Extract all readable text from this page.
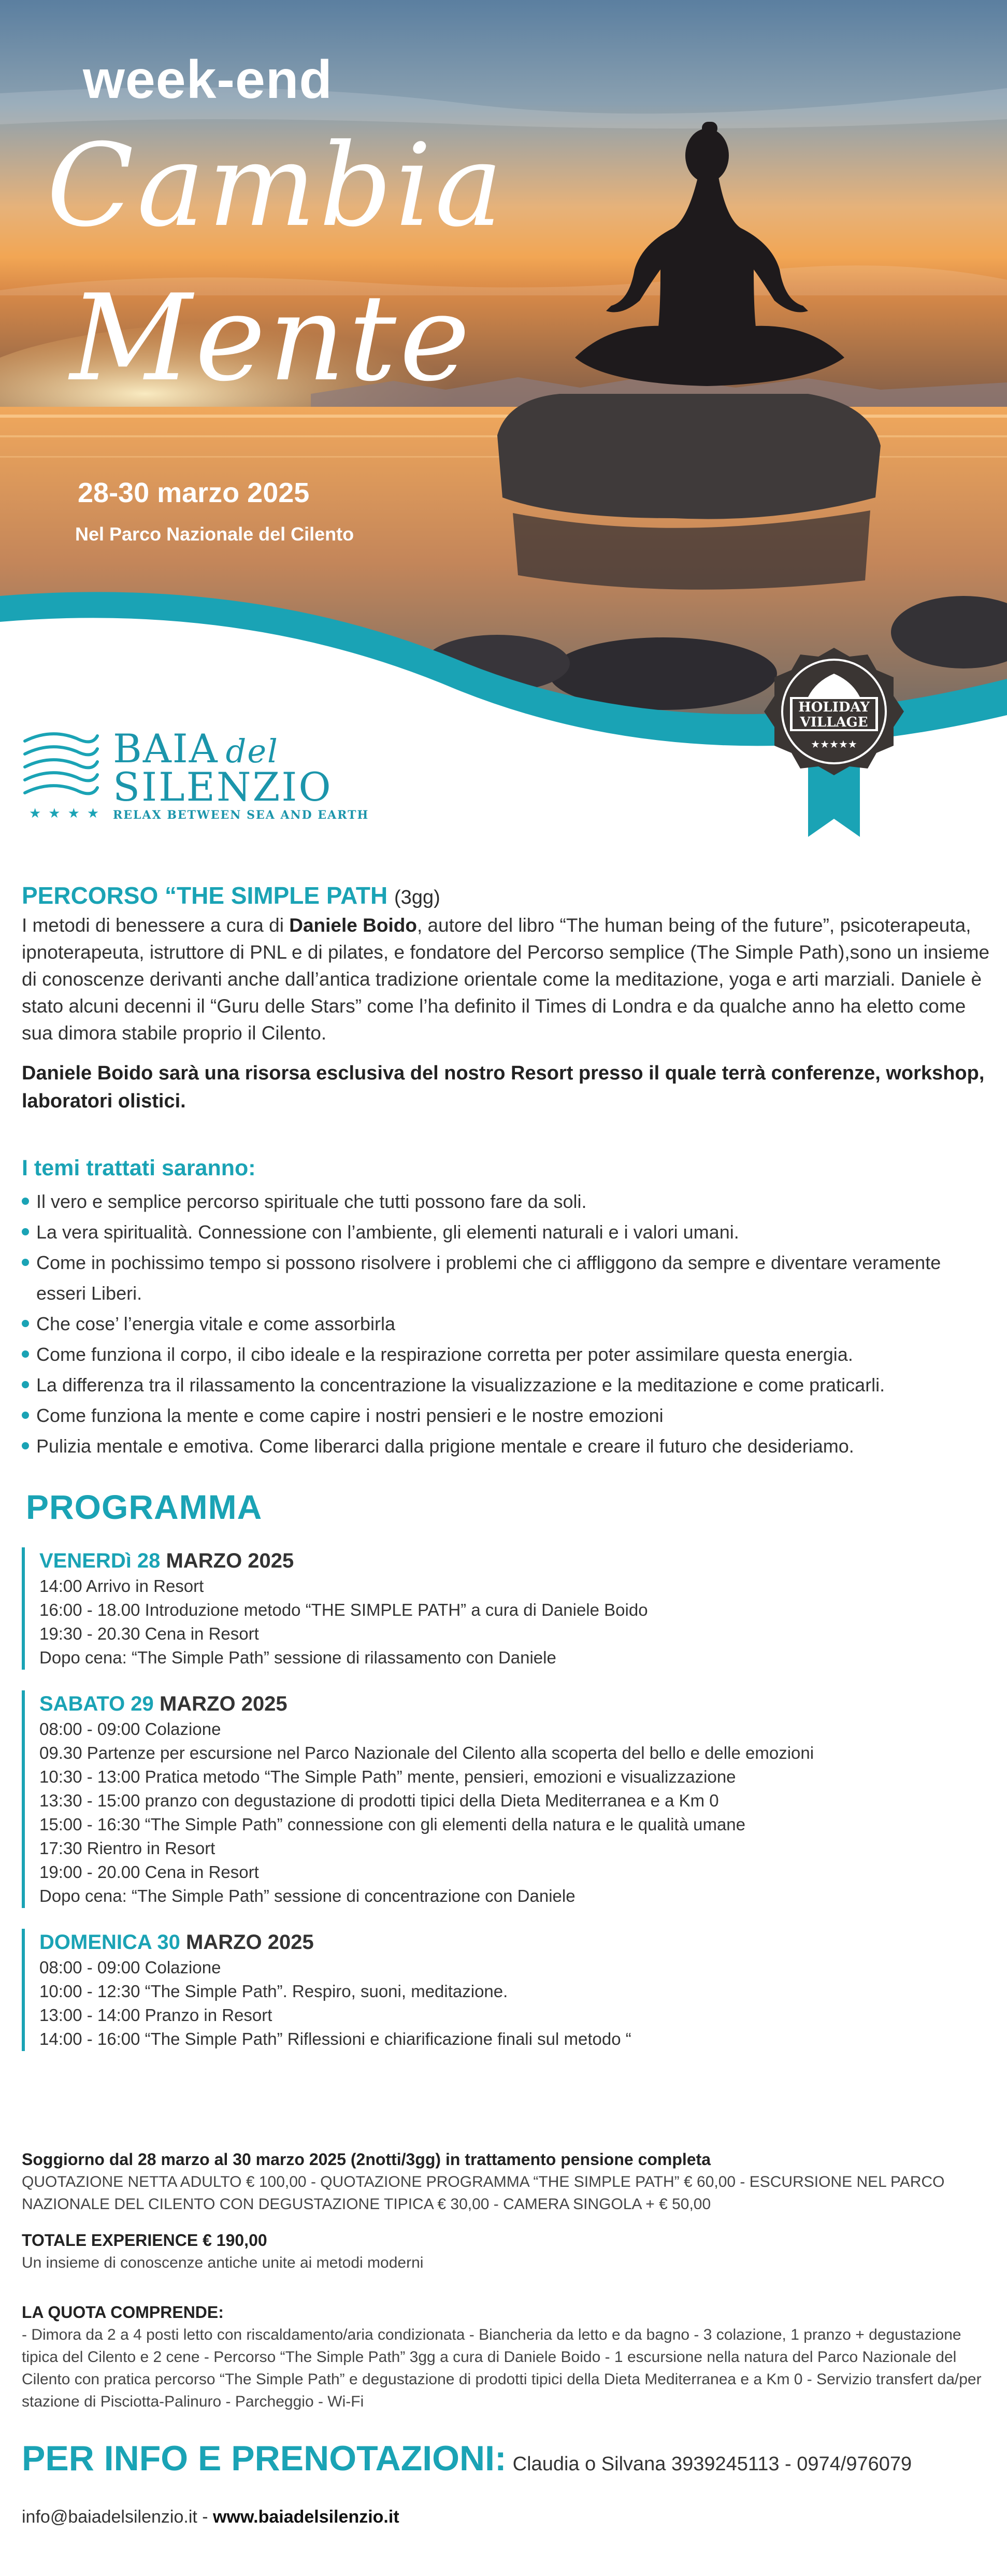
week-end
Cambia
Mente
28-30 marzo 2025
Nel Parco Nazionale del Cilento
★★★★
BAIA del
SILENZIO
RELAX BETWEEN SEA AND EARTH
HOLIDAY
VILLAGE
★★★★★
PERCORSO “THE SIMPLE PATH (3gg)

I metodi di benessere a cura di Daniele Boido, autore del libro “The human being of the future”, psicoterapeuta, ipnoterapeuta, istruttore di PNL e di pilates, e fondatore del Percorso semplice (The Simple Path),sono un insieme di conoscenze derivanti anche dall’antica tradizione orientale come la meditazione, yoga e arti marziali. Daniele è stato alcuni decenni il “Guru delle Stars” come l’ha definito il Times di Londra e da qualche anno ha eletto come sua dimora stabile proprio il Cilento.

Daniele Boido sarà una risorsa esclusiva del nostro Resort presso il quale terrà conferenze, workshop, laboratori olistici.
I temi trattati saranno:
Il vero e semplice percorso spirituale che tutti possono fare da soli.
La vera spiritualità. Connessione con l’ambiente, gli elementi naturali e i valori umani.
Come in pochissimo tempo si possono risolvere i problemi che ci affliggono da sempre e diventare veramente esseri Liberi.
Che cose’ l’energia vitale e come assorbirla
Come funziona il corpo, il cibo ideale e la respirazione corretta per poter assimilare questa energia.
La differenza tra il rilassamento la concentrazione la visualizzazione e la meditazione e come praticarli.
Come funziona la mente e come capire i nostri pensieri e le nostre emozioni
Pulizia mentale e emotiva. Come liberarci dalla prigione mentale e creare il futuro che desideriamo.
PROGRAMMA
VENERDì 28 MARZO 2025
14:00 Arrivo in Resort
16:00 - 18.00 Introduzione metodo “THE SIMPLE PATH” a cura di Daniele Boido
19:30 - 20.30 Cena in Resort
Dopo cena: “The Simple Path” sessione di rilassamento con Daniele
SABATO 29 MARZO 2025
08:00 - 09:00 Colazione
09.30 Partenze per escursione nel Parco Nazionale del Cilento alla scoperta del bello e delle emozioni
10:30 - 13:00 Pratica metodo “The Simple Path” mente, pensieri, emozioni e visualizzazione
13:30 - 15:00 pranzo con degustazione di prodotti tipici della Dieta Mediterranea e a Km 0
15:00 - 16:30 “The Simple Path” connessione con gli elementi della natura e le qualità umane
17:30 Rientro in Resort
19:00 - 20.00 Cena in Resort
Dopo cena: “The Simple Path” sessione di concentrazione con Daniele
DOMENICA 30 MARZO 2025
08:00 - 09:00 Colazione
10:00 - 12:30 “The Simple Path”. Respiro, suoni, meditazione.
13:00 - 14:00 Pranzo in Resort
14:00 - 16:00 “The Simple Path” Riflessioni e chiarificazione finali sul metodo “
Soggiorno dal 28 marzo al 30 marzo 2025 (2notti/3gg) in trattamento pensione completa
QUOTAZIONE NETTA ADULTO € 100,00 - QUOTAZIONE PROGRAMMA “THE SIMPLE PATH” € 60,00 - ESCURSIONE NEL PARCO NAZIONALE DEL CILENTO CON DEGUSTAZIONE TIPICA € 30,00 - CAMERA SINGOLA + € 50,00
TOTALE EXPERIENCE € 190,00
Un insieme di conoscenze antiche unite ai metodi moderni
LA QUOTA COMPRENDE:
- Dimora da 2 a 4 posti letto con riscaldamento/aria condizionata - Biancheria da letto e da bagno - 3 colazione, 1 pranzo + degustazione tipica del Cilento e 2 cene - Percorso “The Simple Path” 3gg a cura di Daniele Boido - 1 escursione nella natura del Parco Nazionale del Cilento con pratica percorso “The Simple Path” e degustazione di prodotti tipici della Dieta Mediterranea e a Km 0 - Servizio transfert da/per stazione di Pisciotta-Palinuro - Parcheggio - Wi-Fi
PER INFO E PRENOTAZIONI: Claudia o Silvana 3939245113 - 0974/976079
info@baiadelsilenzio.it - www.baiadelsilenzio.it
